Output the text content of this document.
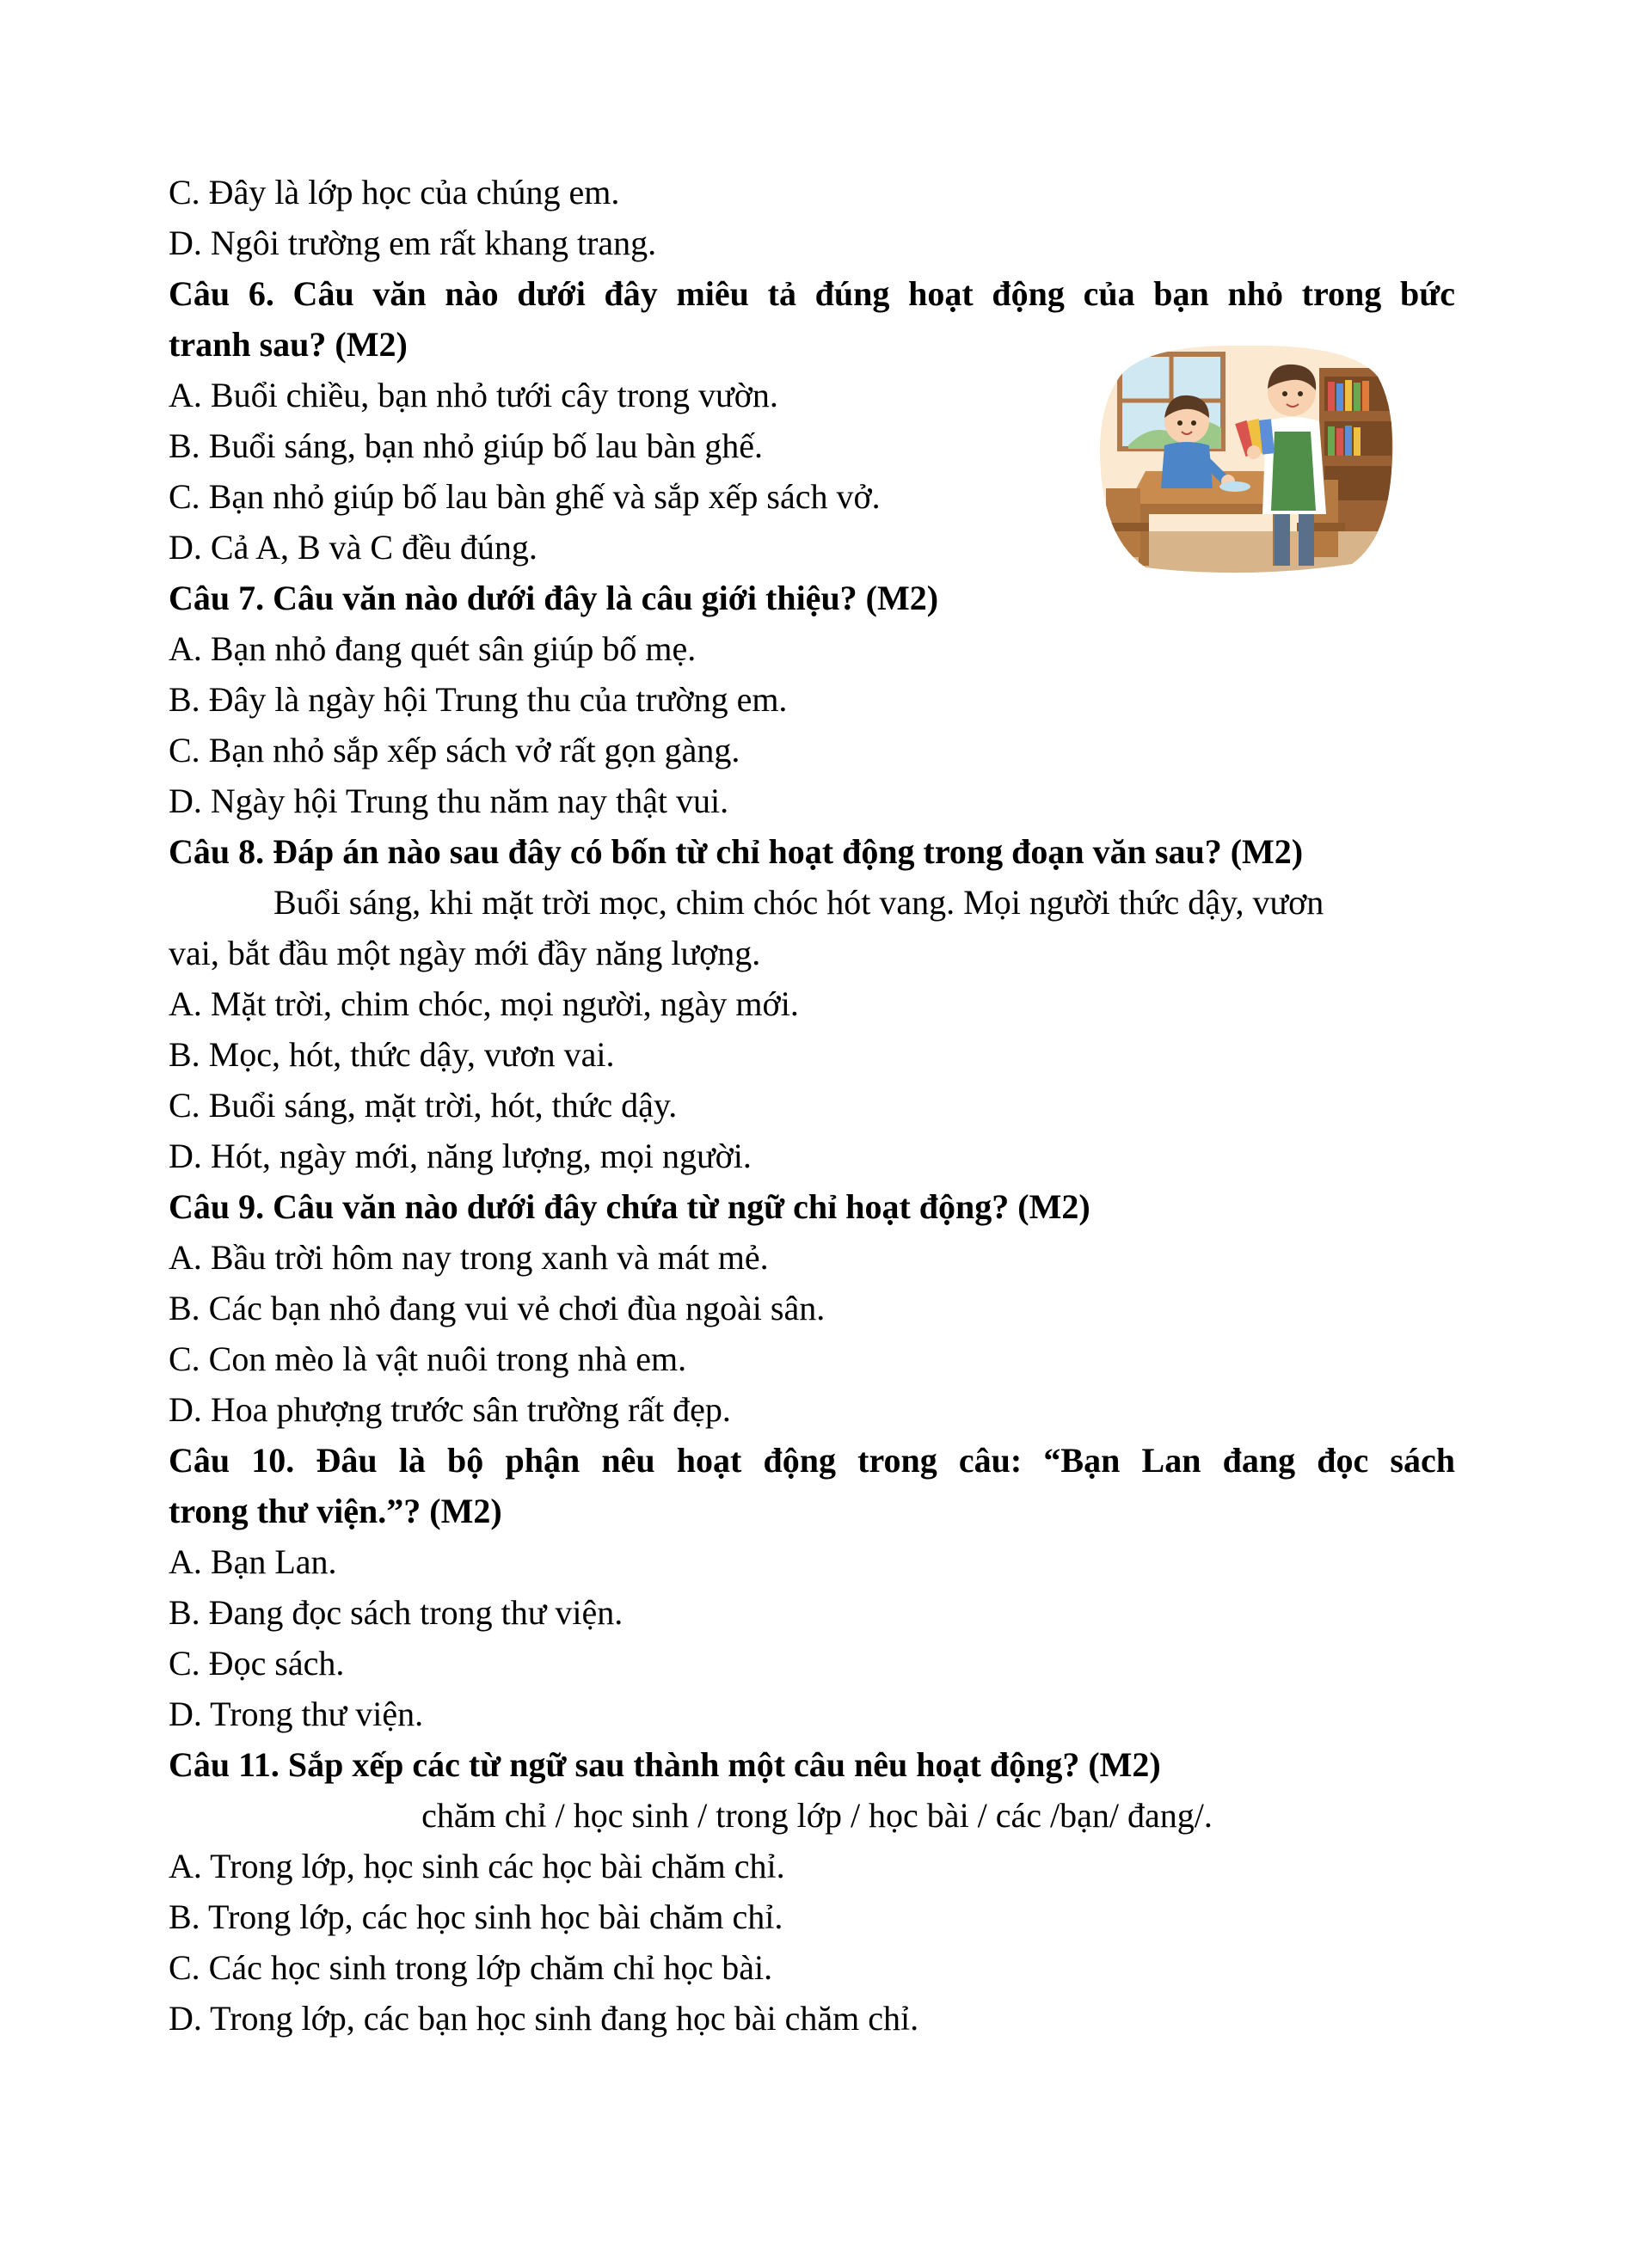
C. Đây là lớp học của chúng em.
D. Ngôi trường em rất khang trang.
Câu 6. Câu văn nào dưới đây miêu tả đúng hoạt động của bạn nhỏ trong bức
tranh sau? (M2)
A. Buổi chiều, bạn nhỏ tưới cây trong vườn.
B. Buổi sáng, bạn nhỏ giúp bố lau bàn ghế.
C. Bạn nhỏ giúp bố lau bàn ghế và sắp xếp sách vở.
D. Cả A, B và C đều đúng.
Câu 7. Câu văn nào dưới đây là câu giới thiệu? (M2)
A. Bạn nhỏ đang quét sân giúp bố mẹ.
B. Đây là ngày hội Trung thu của trường em.
C. Bạn nhỏ sắp xếp sách vở rất gọn gàng.
D. Ngày hội Trung thu năm nay thật vui.
Câu 8. Đáp án nào sau đây có bốn từ chỉ hoạt động trong đoạn văn sau? (M2)
Buổi sáng, khi mặt trời mọc, chim chóc hót vang. Mọi người thức dậy, vươn
vai, bắt đầu một ngày mới đầy năng lượng.
A. Mặt trời, chim chóc, mọi người, ngày mới.
B. Mọc, hót, thức dậy, vươn vai.
C. Buổi sáng, mặt trời, hót, thức dậy.
D. Hót, ngày mới, năng lượng, mọi người.
Câu 9. Câu văn nào dưới đây chứa từ ngữ chỉ hoạt động? (M2)
A. Bầu trời hôm nay trong xanh và mát mẻ.
B. Các bạn nhỏ đang vui vẻ chơi đùa ngoài sân.
C. Con mèo là vật nuôi trong nhà em.
D. Hoa phượng trước sân trường rất đẹp.
Câu 10. Đâu là bộ phận nêu hoạt động trong câu: “Bạn Lan đang đọc sách
trong thư viện.”? (M2)
A. Bạn Lan.
B. Đang đọc sách trong thư viện.
C. Đọc sách.
D. Trong thư viện.
Câu 11. Sắp xếp các từ ngữ sau thành một câu nêu hoạt động? (M2)
chăm chỉ / học sinh / trong lớp / học bài / các /bạn/ đang/.
A. Trong lớp, học sinh các học bài chăm chỉ.
B. Trong lớp, các học sinh học bài chăm chỉ.
C. Các học sinh trong lớp chăm chỉ học bài.
D. Trong lớp, các bạn học sinh đang học bài chăm chỉ.
